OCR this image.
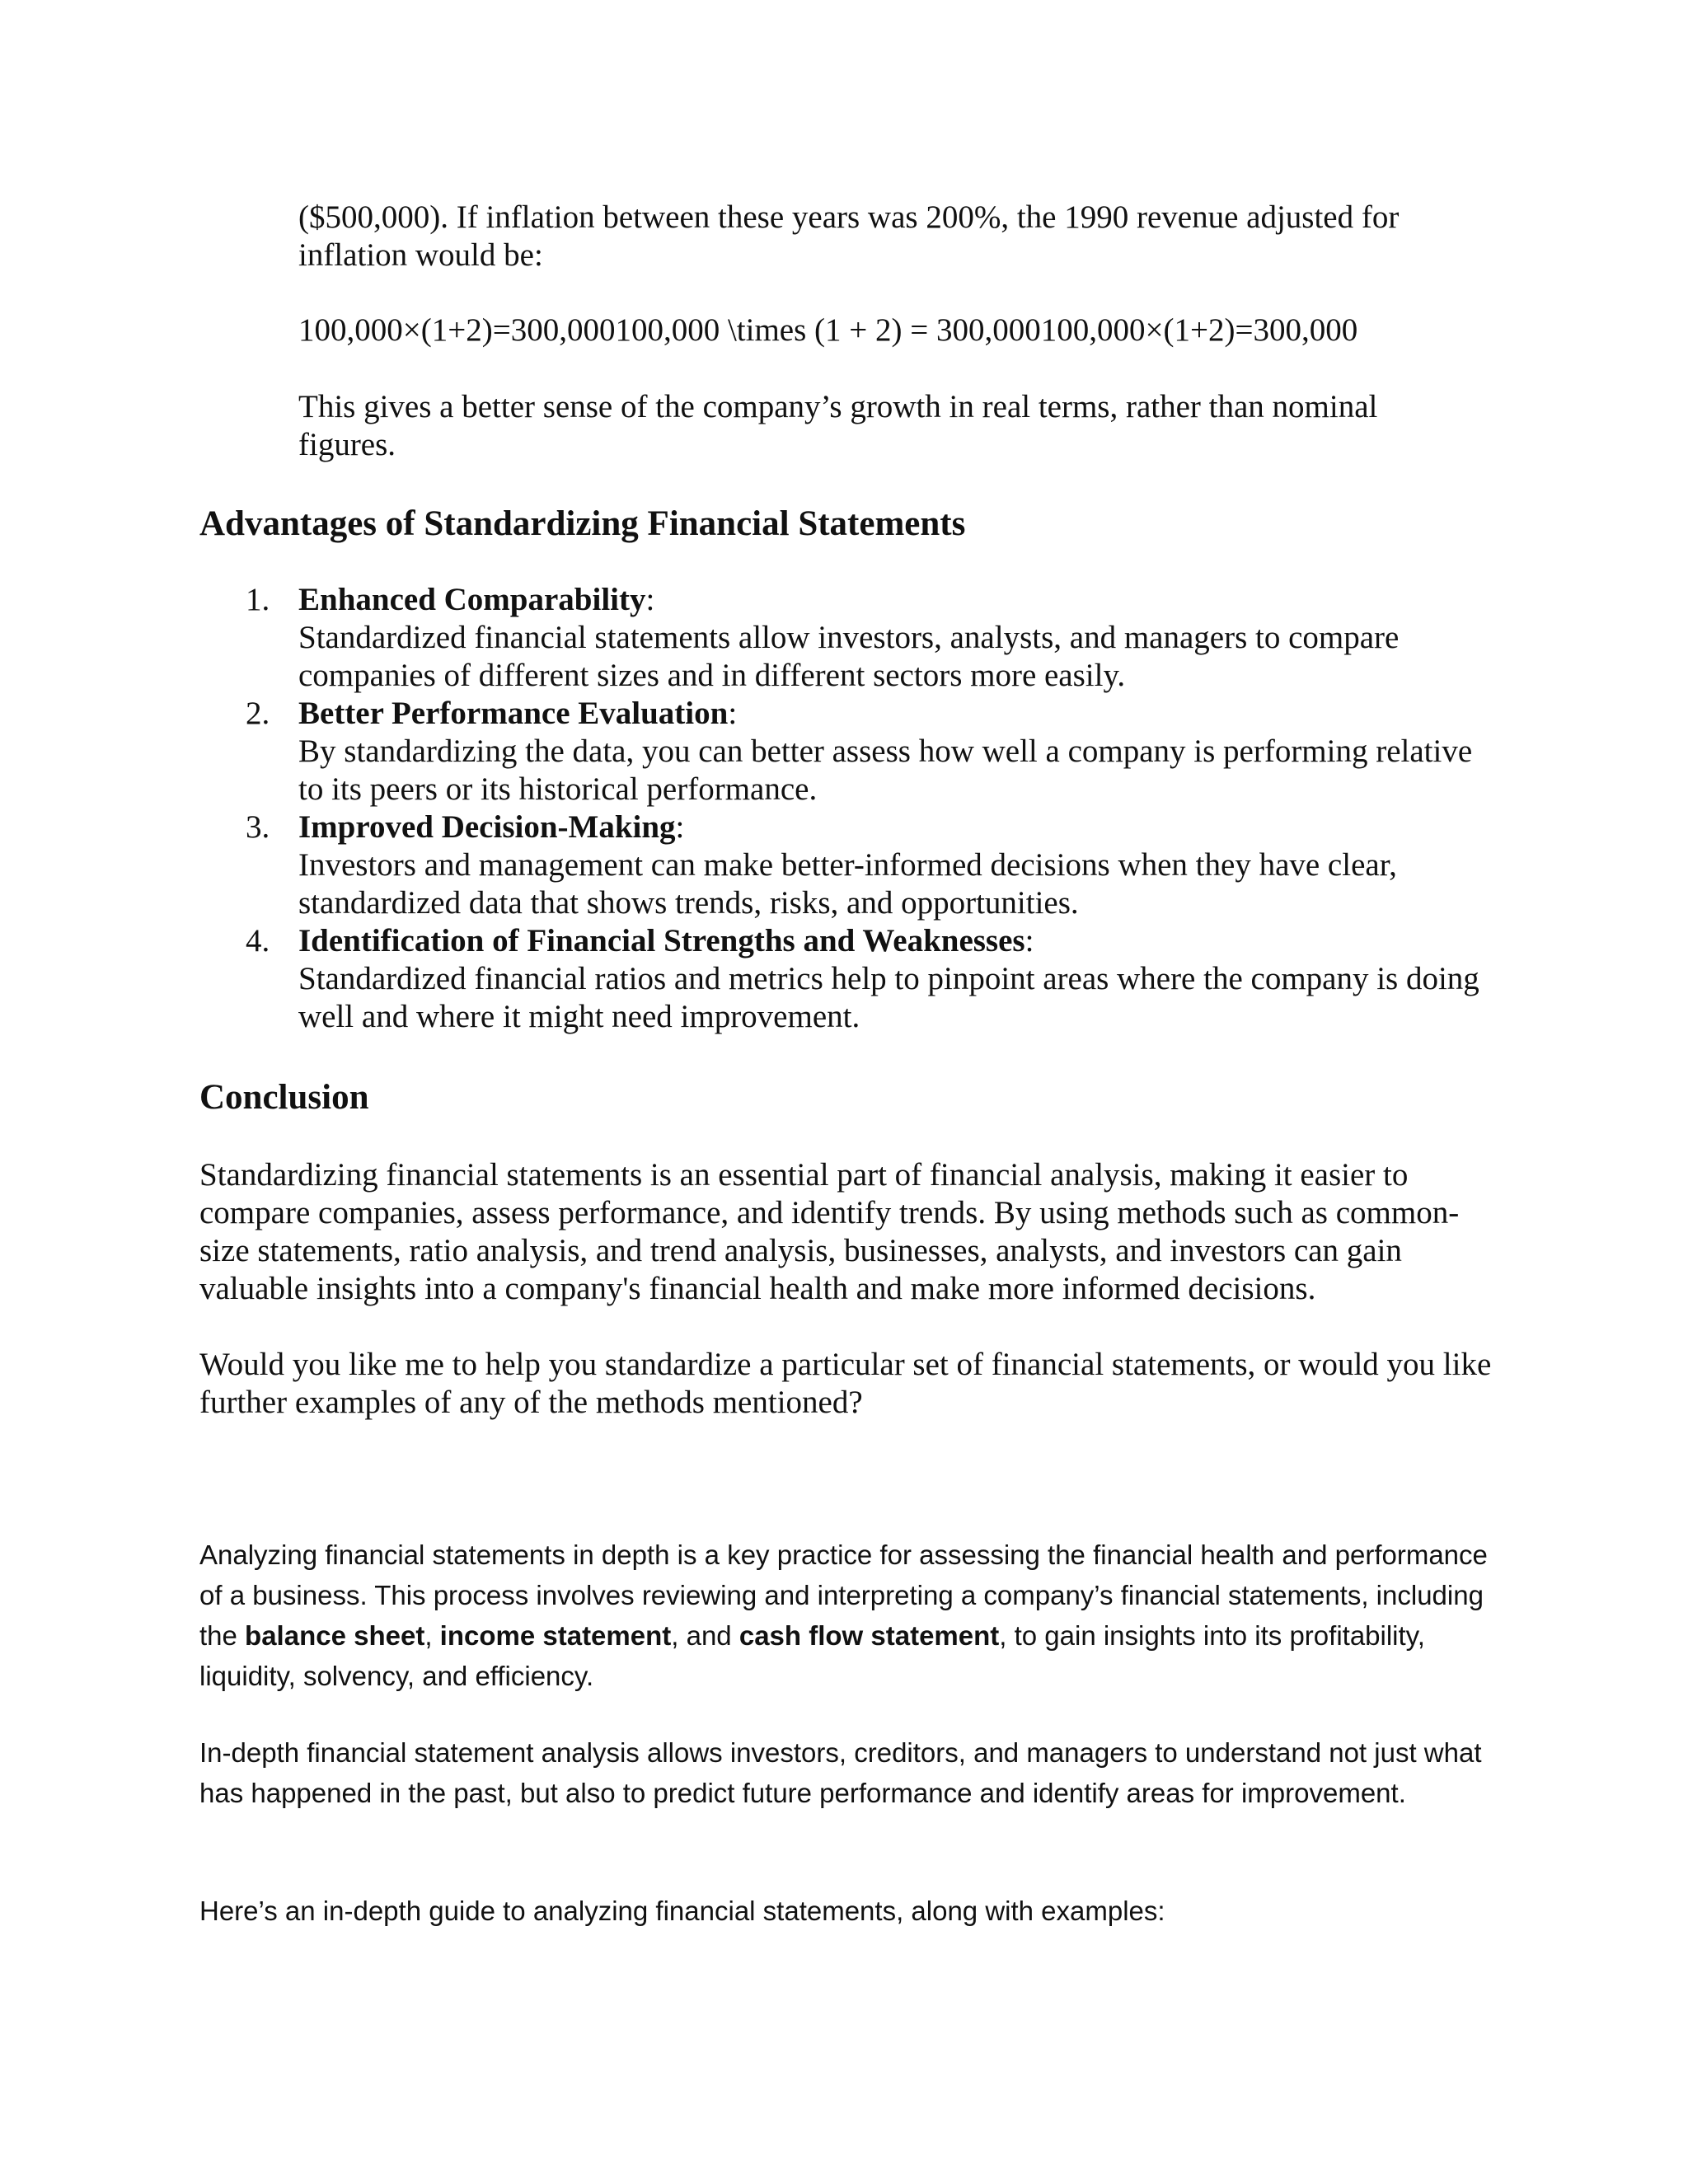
($500,000). If inflation between these years was 200%, the 1990 revenue adjusted for inflation would be:

100,000×(1+2)=300,000100,000 \times (1 + 2) = 300,000100,000×(1+2)=300,000

This gives a better sense of the company’s growth in real terms, rather than nominal figures.

Advantages of Standardizing Financial Statements
1. Enhanced Comparability:
Standardized financial statements allow investors, analysts, and managers to compare companies of different sizes and in different sectors more easily.
2. Better Performance Evaluation:
By standardizing the data, you can better assess how well a company is performing relative to its peers or its historical performance.
3. Improved Decision-Making:
Investors and management can make better-informed decisions when they have clear, standardized data that shows trends, risks, and opportunities.
4. Identification of Financial Strengths and Weaknesses:
Standardized financial ratios and metrics help to pinpoint areas where the company is doing well and where it might need improvement.
Conclusion

Standardizing financial statements is an essential part of financial analysis, making it easier to compare companies, assess performance, and identify trends. By using methods such as common-size statements, ratio analysis, and trend analysis, businesses, analysts, and investors can gain valuable insights into a company's financial health and make more informed decisions.

Would you like me to help you standardize a particular set of financial statements, or would you like further examples of any of the methods mentioned?

Analyzing financial statements in depth is a key practice for assessing the financial health and performance of a business. This process involves reviewing and interpreting a company’s financial statements, including the balance sheet, income statement, and cash flow statement, to gain insights into its profitability, liquidity, solvency, and efficiency.

In-depth financial statement analysis allows investors, creditors, and managers to understand not just what has happened in the past, but also to predict future performance and identify areas for improvement.

Here’s an in-depth guide to analyzing financial statements, along with examples:
